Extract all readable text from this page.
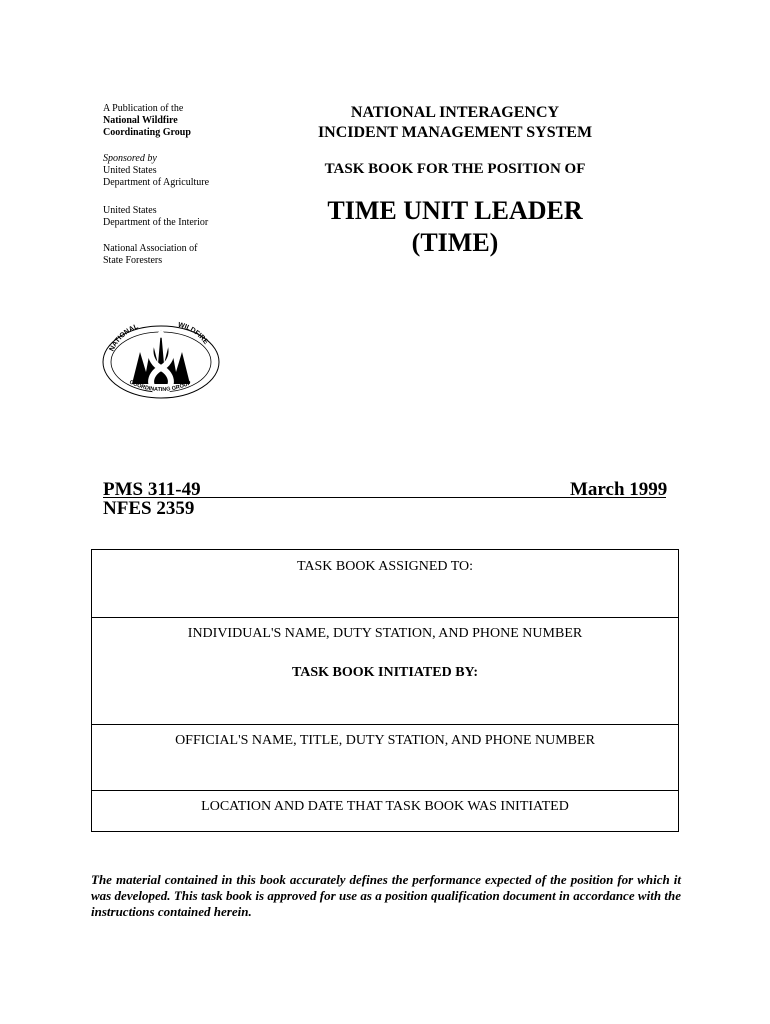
A Publication of the
National Wildfire
Coordinating Group
Sponsored by
United States
Department of Agriculture
United States
Department of the Interior
National Association of
State Foresters
NATIONAL	WILDFIRE
COORDINATING GROUP
NATIONAL INTERAGENCY
INCIDENT MANAGEMENT SYSTEM
TASK BOOK FOR THE POSITION OF
TIME UNIT LEADER (TIME)
PMS 311-49
NFES 2359
March 1999
TASK BOOK ASSIGNED TO:
INDIVIDUAL'S NAME, DUTY STATION, AND PHONE NUMBER
TASK BOOK INITIATED BY:
OFFICIAL'S NAME, TITLE, DUTY STATION, AND PHONE NUMBER
LOCATION AND DATE THAT TASK BOOK WAS INITIATED
The material contained in this book accurately defines the performance expected of the position for which it was developed. This task book is approved for use as a position qualification document in accordance with the instructions contained herein.
